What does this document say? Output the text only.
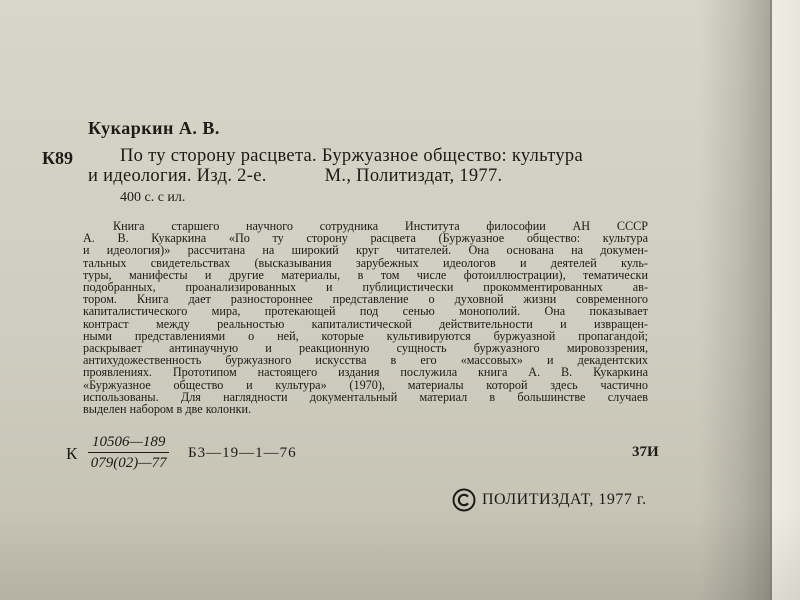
Кукаркин А. В.
К89	По ту сторону расцвета. Буржуазное общество: культура
и идеология. Изд. 2-е.	М., Политиздат, 1977.
400 с. с ил.
Книга старшего научного сотрудника Института философии АН СССР
А. В. Кукаркина «По ту сторону расцвета (Буржуазное общество: культура
и идеология)» рассчитана на широкий круг читателей. Она основана на докумен-
тальных свидетельствах (высказывания зарубежных идеологов и деятелей куль-
туры, манифесты и другие материалы, в том числе фотоиллюстрации), тематически
подобранных, проанализированных и публицистически прокомментированных ав-
тором. Книга дает разностороннее представление о духовной жизни современного
капиталистического мира, протекающей под сенью монополий. Она показывает
контраст между реальностью капиталистической действительности и извращен-
ными представлениями о ней, которые культивируются буржуазной пропагандой;
раскрывает антинаучную и реакционную сущность буржуазного мировоззрения,
антихудожественность буржуазного искусства в его «массовых» и декадентских
проявлениях. Прототипом настоящего издания послужила книга А. В. Кукаркина
«Буржуазное общество и культура» (1970), материалы которой здесь частично
использованы. Для наглядности документальный материал в большинстве случаев
выделен набором в две колонки.
К $\frac{10506—189}{079(02)—77}$ Б3—19—1—76	37И
ПОЛИТИЗДАТ, 1977 г.
